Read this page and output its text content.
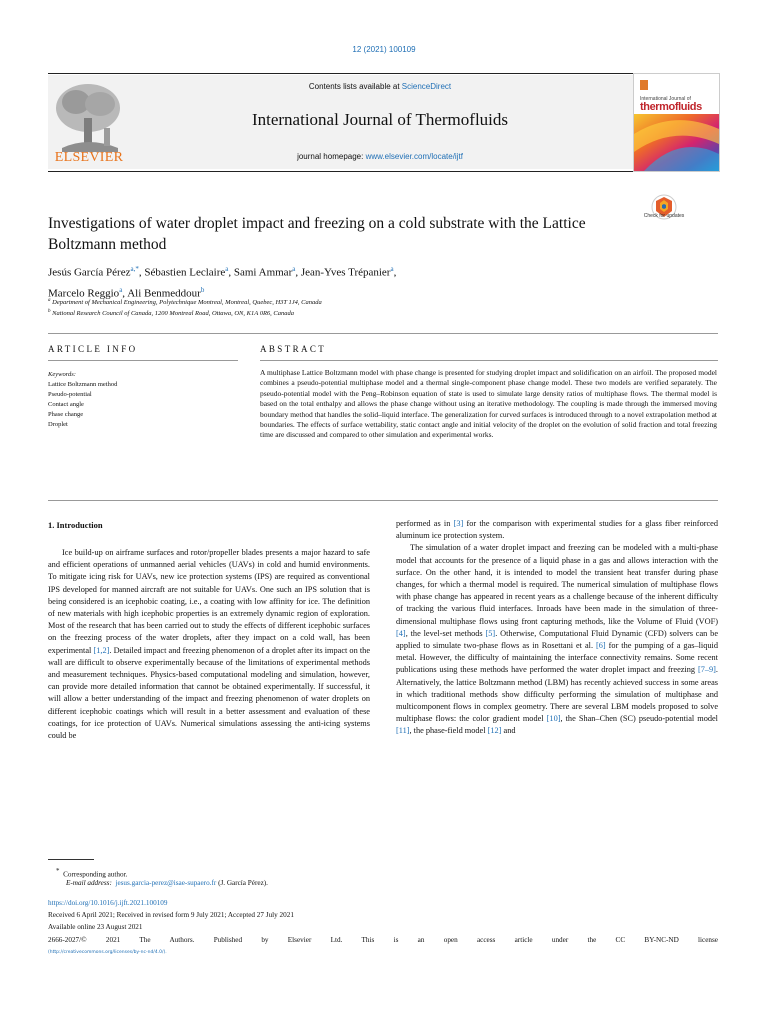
12 (2021) 100109
ELSEVIER
Contents lists available at ScienceDirect
International Journal of Thermofluids
journal homepage: www.elsevier.com/locate/ijtf
International Journal of
thermofluids
Investigations of water droplet impact and freezing on a cold substrate with the Lattice Boltzmann method
Check for updates
Jesús García Pérez$^{a,*}$, Sébastien Leclaire$^a$, Sami Ammar$^a$, Jean-Yves Trépanier$^a$,
Marcelo Reggio$^a$, Ali Benmeddour$^b$
$^a$ Department of Mechanical Engineering, Polytechnique Montreal, Montreal, Quebec, H3T 1J4, Canada
$^b$ National Research Council of Canada, 1200 Montreal Road, Ottawa, ON, K1A 0R6, Canada
ARTICLE INFO	ABSTRACT
Keywords:
Lattice Boltzmann method
Pseudo-potential
Contact angle
Phase change
Droplet
A multiphase Lattice Boltzmann model with phase change is presented for studying droplet impact and solidification on an airfoil. The proposed model combines a pseudo-potential multiphase model and a thermal single-component phase change model. These two models are verified separately. The pseudo-potential model with the Peng–Robinson equation of state is used to simulate large density ratios of multiphase flows. The thermal model is based on the total enthalpy and allows the phase change without using an iterative methodology. The coupling is made through the immersed moving boundary method that handles the solid–liquid interface. The generalization for curved surfaces is introduced through to a novel extrapolation method at boundaries. The effects of surface wettability, static contact angle and initial velocity of the droplet on the evolution of solid fraction and total freezing time are discussed and compared to other simulation and experimental works.
1. Introduction

Ice build-up on airframe surfaces and rotor/propeller blades presents a major hazard to safe and efficient operations of unmanned aerial vehicles (UAVs) in cold and humid environments. To mitigate icing risk for UAVs, new ice protection systems (IPS) are required as conventional IPS developed for manned aircraft are not suitable for UAVs. One such an IPS solution that is being considered is an icephobic coating, i.e., a coating with low affinity for ice. The definition of new materials with high icephobic properties is an extremely dynamic region of exploration. Most of the research that has been carried out to study the effects of different icephobic surfaces on the freezing process of the water droplets, after they impact on a cold wall, has been experimental [1,2]. Detailed impact and freezing phenomenon of a droplet after its impact on the wall are difficult to observe experimentally because of the limitations of experimental methods and measurement techniques. Physics-based computational modeling and simulation, however, can provide more detailed information that cannot be obtained experimentally. If successful, it will allow a better understanding of the impact and freezing phenomenon of water droplets on different icephobic coatings which will result in a better assessment and evaluation of these coatings, for ice protection of UAVs. Numerical simulations assessing the anti-icing systems could be

performed as in [3] for the comparison with experimental studies for a glass fiber reinforced aluminum ice protection system.

The simulation of a water droplet impact and freezing can be modeled with a multi-phase model that accounts for the presence of a liquid phase in a gas and allows interaction with the surface. On the other hand, it is intended to model the transient heat transfer during phase changes, for which a thermal model is required. The numerical simulation of multiphase flows with phase change has appeared in recent years as a challenge because of the inherent difficulty of tracking the various fluid interfaces. Inroads have been made in the simulation of three-dimensional multiphase flows using front capturing methods, like the Volume of Fluid (VOF) [4], the level-set methods [5]. Otherwise, Computational Fluid Dynamic (CFD) solvers can be applied to simulate two-phase flows as in Rosettani et al. [6] for the pumping of a gas–liquid metal. However, the difficulty of maintaining the interface connectivity remains. Some recent publications using these methods have performed the water droplet impact and freezing [7–9]. Alternatively, the lattice Boltzmann method (LBM) has recently achieved success in some areas in which traditional methods show difficulty performing the simulation of multiphase and multicomponent flows in complex geometry. There are several LBM models proposed to solve multiphase flows: the color gradient model [10], the Shan–Chen (SC) pseudo-potential model [11], the phase-field model [12] and

* Corresponding author.
E-mail address: jesus.garcia-perez@isae-supaero.fr (J. García Pérez).
https://doi.org/10.1016/j.ijft.2021.100109
Received 6 April 2021; Received in revised form 9 July 2021; Accepted 27 July 2021
Available online 23 August 2021
2666-2027/© 2021 The Authors. Published by Elsevier Ltd. This is an open access article under the CC BY-NC-ND license
(http://creativecommons.org/licenses/by-nc-nd/4.0/).
